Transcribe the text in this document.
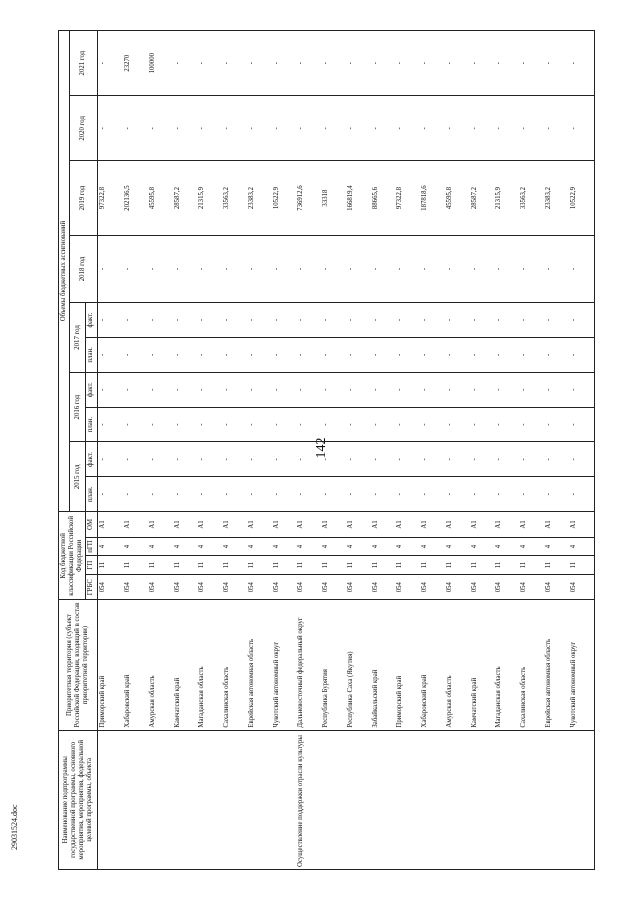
142
29031524.doc	Наименование подпрограммы государственной программы, основного мероприятия, мероприятия, федеральной целевой программы, объекта	Приоритетная территория (субъект Российской Федерации, входящий в состав приоритетной территории)	Код бюджетной классификации Российской Федерации				Объемы бюджетных ассигнований									
						2015 год		2016 год		2017 год		2018 год	2019 год	2020 год	2021 год
		ГРБС	ГП	пГП	ОМ	план.	факт.	план.	факт.	план.	факт.				
	Приморский край	054	11	4	А1	-	-	-	-	-	-	-	97322,8	-	-
	Хабаровский край	054	11	4	А1	-	-	-	-	-	-	-	202136,5	-	23270
	Амурская область	054	11	4	А1	-	-	-	-	-	-	-	45595,8	-	100000
	Камчатский край	054	11	4	А1	-	-	-	-	-	-	-	28587,2	-	-
	Магаданская область	054	11	4	А1	-	-	-	-	-	-	-	21315,9	-	-
	Сахалинская область	054	11	4	А1	-	-	-	-	-	-	-	33563,2	-	-
	Еврейская автономная область	054	11	4	А1	-	-	-	-	-	-	-	23383,2	-	-
	Чукотский автономный округ	054	11	4	А1	-	-	-	-	-	-	-	10522,9	-	-
Осуществление поддержки отрасли культуры	Дальневосточный федеральный округ	054	11	4	А1	-	-	-	-	-	-	-	736912,6	-	-
	Республика Бурятия	054	11	4	А1	-	-	-	-	-	-	-	33318	-	-
	Республика Саха (Якутия)	054	11	4	А1	-	-	-	-	-	-	-	166819,4	-	-
	Забайкальский край	054	11	4	А1	-	-	-	-	-	-	-	88665,6	-	-
	Приморский край	054	11	4	А1	-	-	-	-	-	-	-	97322,8	-	-
	Хабаровский край	054	11	4	А1	-	-	-	-	-	-	-	187818,6	-	-
	Амурская область	054	11	4	А1	-	-	-	-	-	-	-	45595,8	-	-
	Камчатский край	054	11	4	А1	-	-	-	-	-	-	-	28587,2	-	-
	Магаданская область	054	11	4	А1	-	-	-	-	-	-	-	21315,9	-	-
	Сахалинская область	054	11	4	А1	-	-	-	-	-	-	-	33563,2	-	-
	Еврейская автономная область	054	11	4	А1	-	-	-	-	-	-	-	23383,2	-	-
	Чукотский автономный округ	054	11	4	А1	-	-	-	-	-	-	-	10522,9	-	-
